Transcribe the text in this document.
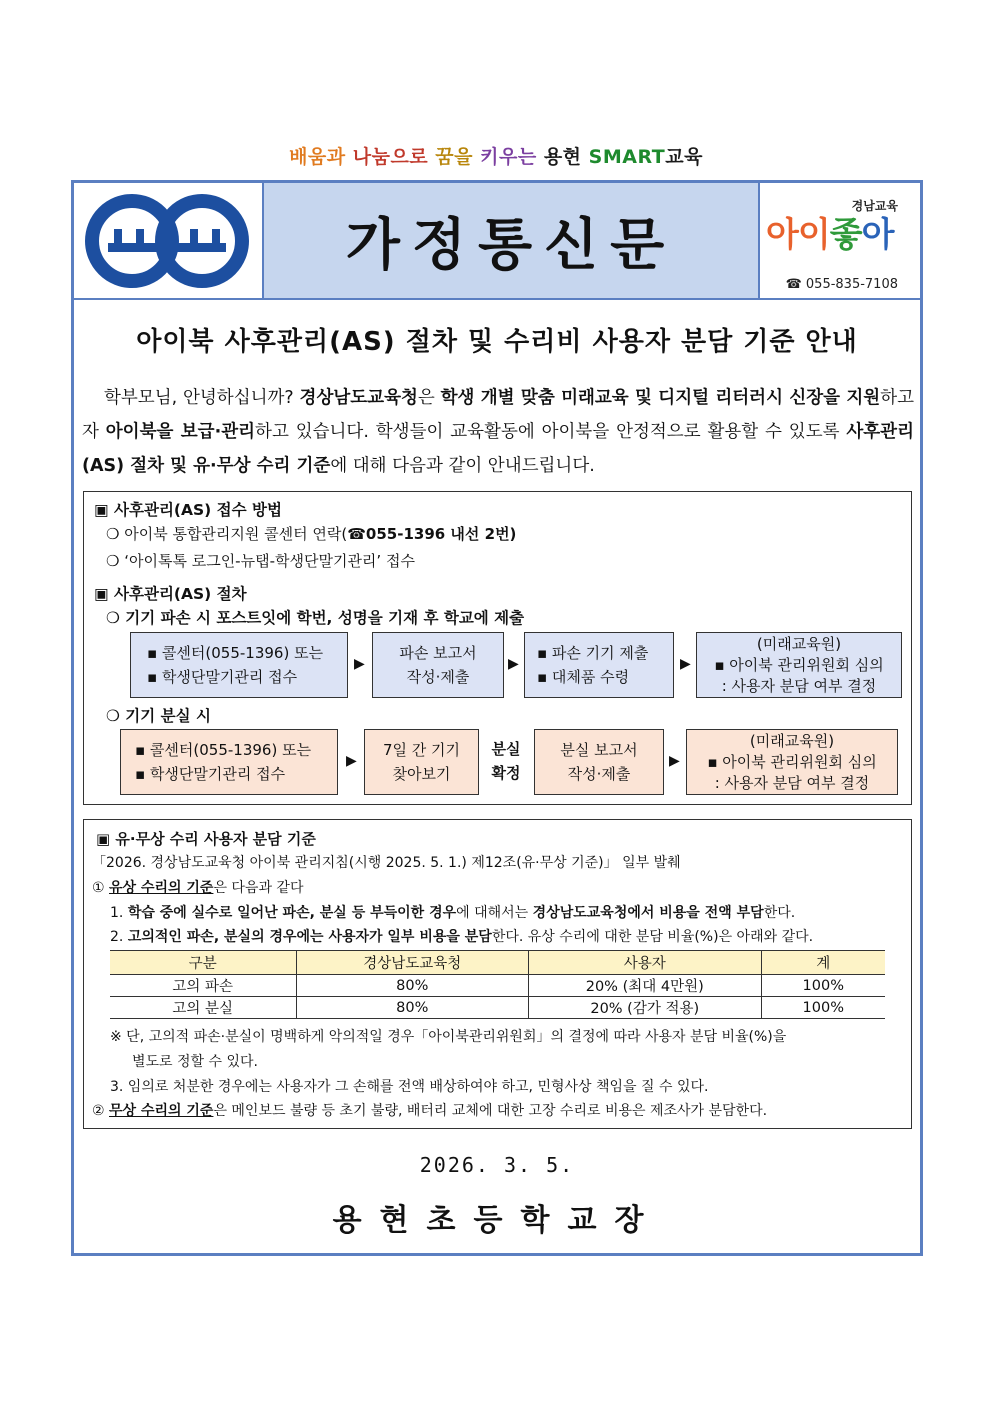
배움과 나눔으로 꿈을 키우는 용현 SMART교육
가정통신문
경남교육
아이좋아
☎ 055-835-7108
아이북 사후관리(AS) 절차 및 수리비 사용자 분담 기준 안내
학부모님, 안녕하십니까? 경상남도교육청은 학생 개별 맞춤 미래교육 및 디지털 리터러시 신장을 지원하고자 아이북을 보급·관리하고 있습니다. 학생들이 교육활동에 아이북을 안정적으로 활용할 수 있도록 사후관리(AS) 절차 및 유·무상 수리 기준에 대해 다음과 같이 안내드립니다.
▣ 사후관리(AS) 접수 방법
❍ 아이북 통합관리지원 콜센터 연락(☎055-1396 내선 2번)
❍ ‘아이톡톡 로그인-뉴탭-학생단말기관리’ 접수
▣ 사후관리(AS) 절차
❍ 기기 파손 시 포스트잇에 학번, 성명을 기재 후 학교에 제출
▪ 콜센터(055-1396) 또는
▪ 학생단말기관리 접수
▶
파손 보고서
작성·제출
▶
▪ 파손 기기 제출
▪ 대체품 수령
▶
(미래교육원)
▪ 아이북 관리위원회 심의
: 사용자 분담 여부 결정
❍ 기기 분실 시
▪ 콜센터(055-1396) 또는
▪ 학생단말기관리 접수
▶
7일 간 기기
찾아보기
분실
확정
분실 보고서
작성·제출
▶
(미래교육원)
▪ 아이북 관리위원회 심의
: 사용자 분담 여부 결정
▣ 유·무상 수리 사용자 분담 기준
「2026. 경상남도교육청 아이북 관리지침(시행 2025. 5. 1.) 제12조(유·무상 기준)」 일부 발췌
① 유상 수리의 기준은 다음과 같다
1. 학습 중에 실수로 일어난 파손, 분실 등 부득이한 경우에 대해서는 경상남도교육청에서 비용을 전액 부담한다.
2. 고의적인 파손, 분실의 경우에는 사용자가 일부 비용을 분담한다. 유상 수리에 대한 분담 비율(%)은 아래와 같다.
구분	경상남도교육청	사용자	계
고의 파손	80%	20% (최대 4만원)	100%
고의 분실	80%	20% (감가 적용)	100%
※ 단, 고의적 파손·분실이 명백하게 악의적일 경우「아이북관리위원회」의 결정에 따라 사용자 분담 비율(%)을
별도로 정할 수 있다.
3. 임의로 처분한 경우에는 사용자가 그 손해를 전액 배상하여야 하고, 민형사상 책임을 질 수 있다.
② 무상 수리의 기준은 메인보드 불량 등 초기 불량, 배터리 교체에 대한 고장 수리로 비용은 제조사가 분담한다.
2026. 3. 5.
용현초등학교장
